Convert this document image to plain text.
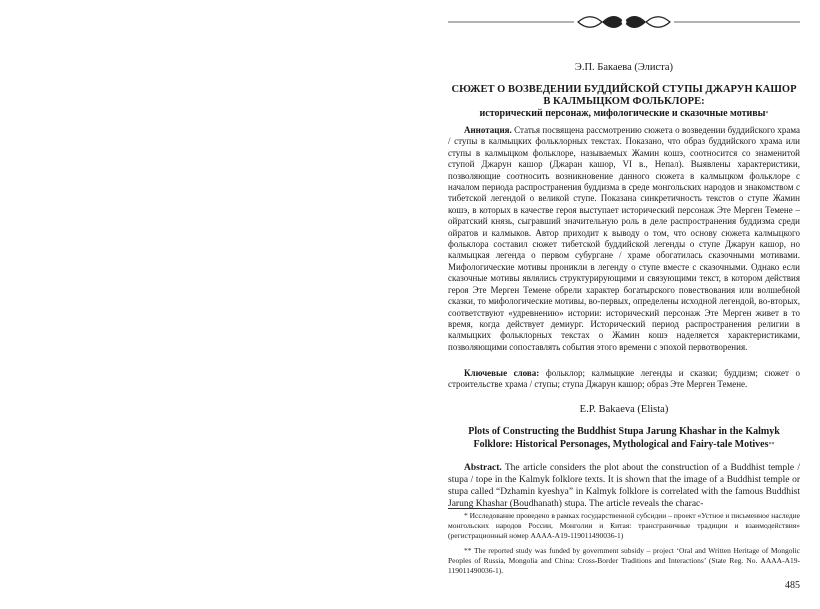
Э.П. Бакаева (Элиста)
СЮЖЕТ О ВОЗВЕДЕНИИ БУДДИЙСКОЙ СТУПЫ ДЖАРУН КАШОР В КАЛМЫЦКОМ ФОЛЬКЛОРЕ:
исторический персонаж, мифологические и сказочные мотивы*
Аннотация. Статья посвящена рассмотрению сюжета о возведении буддийского храма / ступы в калмыцких фольклорных текстах. Показано, что образ буддийского храма или ступы в калмыцком фольклоре, называемых Жамин кошэ, соотносится со знаменитой ступой Джарун кашор (Джаран кашор, VI в., Непал). Выявлены характеристики, позволяющие соотносить возникновение данного сюжета в калмыцком фольклоре с началом периода распространения буддизма в среде монгольских народов и знакомством с тибетской легендой о великой ступе. Показана синкретичность текстов о ступе Жамин кошэ, в которых в качестве героя выступает исторический персонаж Эте Мерген Темене – ойратский князь, сыгравший значительную роль в деле распространения буддизма среди ойратов и калмыков. Автор приходит к выводу о том, что основу сюжета калмыцкого фольклора составил сюжет тибетской буддийской легенды о ступе Джарун кашор, но калмыцкая легенда о первом субургане / храме обогатилась сказочными мотивами. Мифологические мотивы проникли в легенду о ступе вместе с сказочными. Однако если сказочные мотивы являлись структурирующими и связующими текст, в котором действия героя Эте Мерген Темене обрели характер богатырского повествования или волшебной сказки, то мифологические мотивы, во-первых, определены исходной легендой, во-вторых, соответствуют «удревнению» истории: исторический персонаж Эте Мерген живет в то время, когда действует демиург. Исторический период распространения религии в калмыцких фольклорных текстах о Жамин кошэ наделяется характеристиками, позволяющими сопоставлять события этого времени с эпохой первотворения.
Ключевые слова: фольклор; калмыцкие легенды и сказки; буддизм; сюжет о строительстве храма / ступы; ступа Джарун кашор; образ Эте Мерген Темене.
E.P. Bakaeva (Elista)
Plots of Constructing the Buddhist Stupa Jarung Khashar in the Kalmyk Folklore: Historical Personages, Mythological and Fairy-tale Motives**
Abstract. The article considers the plot about the construction of a Buddhist temple / stupa / tope in the Kalmyk folklore texts. It is shown that the image of a Buddhist temple or stupa called “Dzhamin kyeshya” in Kalmyk folklore is correlated with the famous Buddhist Jarung Khashar (Boudhanath) stupa. The article reveals the charac-
* Исследование проведено в рамках государственной субсидии – проект «Устное и письменное наследие монгольских народов России, Монголии и Китая: трансграничные традиции и взаимодействия» (регистрационный номер АААА-А19-119011490036-1)
** The reported study was funded by government subsidy – project ‘Oral and Written Heritage of Mongolic Peoples of Russia, Mongolia and China: Cross-Border Traditions and Interactions’ (State Reg. No. АААА-А19-119011490036-1).
485
